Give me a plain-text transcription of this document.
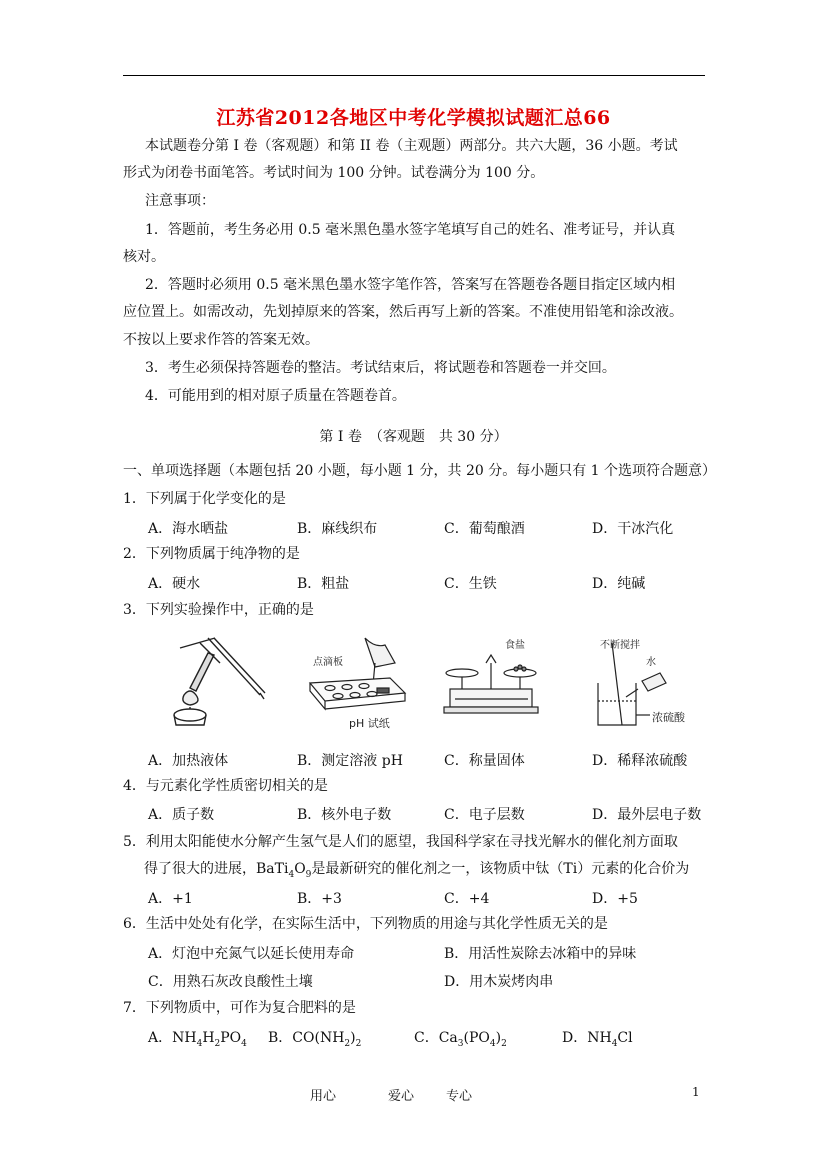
江苏省2012各地区中考化学模拟试题汇总66
本试题卷分第 I 卷（客观题）和第 II 卷（主观题）两部分。共六大题，36 小题。考试
形式为闭卷书面笔答。考试时间为 100 分钟。试卷满分为 100 分。
注意事项：
1．答题前，考生务必用 0.5 毫米黑色墨水签字笔填写自己的姓名、准考证号，并认真
核对。
2．答题时必须用 0.5 毫米黑色墨水签字笔作答，答案写在答题卷各题目指定区域内相
应位置上。如需改动，先划掉原来的答案，然后再写上新的答案。不准使用铅笔和涂改液。
不按以上要求作答的答案无效。
3．考生必须保持答题卷的整洁。考试结束后，将试题卷和答题卷一并交回。
4．可能用到的相对原子质量在答题卷首。
第 I 卷　（客观题　共 30 分）
一、单项选择题（本题包括 20 小题，每小题 1 分，共 20 分。每小题只有 1 个选项符合题意）
1．下列属于化学变化的是
A．海水晒盐	B．麻线织布	C．葡萄酿酒	D．干冰汽化
2．下列物质属于纯净物的是
A．硬水	B．粗盐	C．生铁	D．纯碱
3．下列实验操作中，正确的是
点滴板
pH 试纸
食盐	不断搅拌
水
浓硫酸
A．加热液体	B．测定溶液 pH	C．称量固体	D．稀释浓硫酸
4．与元素化学性质密切相关的是
A．质子数	B．核外电子数	C．电子层数	D．最外层电子数
5．利用太阳能使水分解产生氢气是人们的愿望，我国科学家在寻找光解水的催化剂方面取
得了很大的进展，$BaTi_4O_9$是最新研究的催化剂之一，该物质中钛（Ti）元素的化合价为
A．+1	B．+3	C．+4	D．+5
6．生活中处处有化学，在实际生活中，下列物质的用途与其化学性质无关的是
A．灯泡中充氮气以延长使用寿命	B．用活性炭除去冰箱中的异味
C．用熟石灰改良酸性土壤	D．用木炭烤肉串
7．下列物质中，可作为复合肥料的是
A．$NH_4H_2PO_4$ B．$CO(NH_2)_2$	C．$Ca_3(PO_4)_2$	D．$NH_4Cl$
用心	爱心 专心	1
